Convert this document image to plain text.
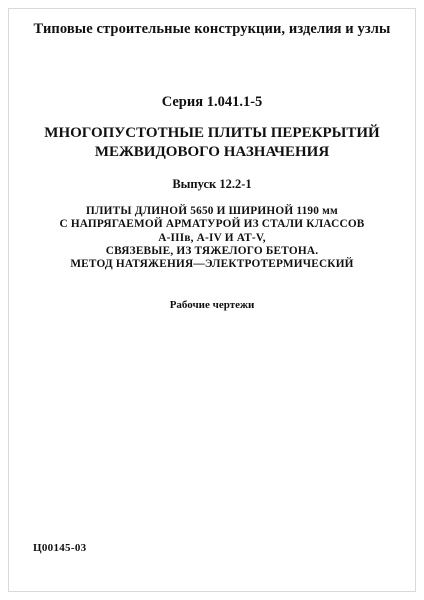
Типовые строительные конструкции, изделия и узлы
Серия 1.041.1-5
МНОГОПУСТОТНЫЕ ПЛИТЫ ПЕРЕКРЫТИЙ
МЕЖВИДОВОГО НАЗНАЧЕНИЯ
Выпуск 12.2-1
ПЛИТЫ ДЛИНОЙ 5650 И ШИРИНОЙ 1190 мм
С НАПРЯГАЕМОЙ АРМАТУРОЙ ИЗ СТАЛИ КЛАССОВ
А-IIIв, А-IV И АТ-V,
СВЯЗЕВЫЕ, ИЗ ТЯЖЕЛОГО БЕТОНА.
МЕТОД НАТЯЖЕНИЯ—ЭЛЕКТРОТЕРМИЧЕСКИЙ
Рабочие чертежи
Ц00145-03
